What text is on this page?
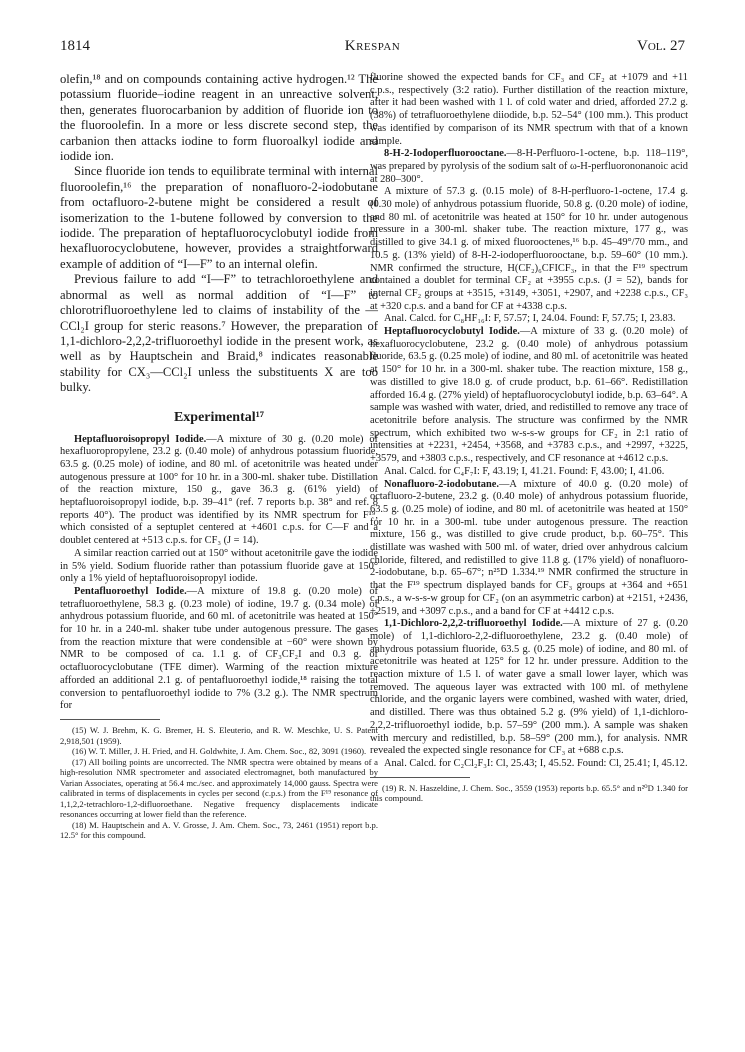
1814	Krespan	Vol. 27

olefin,¹⁸ and on compounds containing active hydrogen.¹² The potassium fluoride–iodine reagent in an unreactive solvent, then, generates fluorocarbanion by addition of fluoride ion to the fluoroolefin. In a more or less discrete second step, the carbanion then attacks iodine to form fluoroalkyl iodide and iodide ion.

Since fluoride ion tends to equilibrate terminal with internal fluoroolefin,¹⁶ the preparation of nonafluoro-2-iodobutane from octafluoro-2-butene might be considered a result of isomerization to the 1-butene followed by conversion to the iodide. The preparation of heptafluorocyclobutyl iodide from hexafluorocyclobutene, however, provides a straightforward example of addition of “I—F” to an internal olefin.

Previous failure to add “I—F” to tetrachloroethylene and abnormal as well as normal addition of “I—F” to chlorotrifluoroethylene led to claims of instability of the —CCl₂I group for steric reasons.⁷ However, the preparation of 1,1-dichloro-2,2,2-trifluoroethyl iodide in the present work, as well as by Hauptschein and Braid,⁸ indicates reasonable stability for CX₃—CCl₂I unless the substituents X are too bulky.

Experimental¹⁷

Heptafluoroisopropyl Iodide.—A mixture of 30 g. (0.20 mole) of hexafluoropropylene, 23.2 g. (0.40 mole) of anhydrous potassium fluoride, 63.5 g. (0.25 mole) of iodine, and 80 ml. of acetonitrile was heated under autogenous pressure at 100° for 10 hr. in a 300-ml. shaker tube. Distillation of the reaction mixture, 150 g., gave 36.3 g. (61% yield) of heptafluoroisopropyl iodide, b.p. 39–41° (ref. 7 reports b.p. 38° and ref. 8 reports 40°). The product was identified by its NMR spectrum for F¹⁹, which consisted of a septuplet centered at +4601 c.p.s. for C—F and a doublet centered at +513 c.p.s. for CF₃ (J = 14).

A similar reaction carried out at 150° without acetonitrile gave the iodide in 5% yield. Sodium fluoride rather than potassium fluoride gave at 150° only a 1% yield of heptafluoroisopropyl iodide.

Pentafluoroethyl Iodide.—A mixture of 19.8 g. (0.20 mole) of tetrafluoroethylene, 58.3 g. (0.23 mole) of iodine, 19.7 g. (0.34 mole) of anhydrous potassium fluoride, and 60 ml. of acetonitrile was heated at 150° for 10 hr. in a 240-ml. shaker tube under autogenous pressure. The gases from the reaction mixture that were condensible at −60° were shown by NMR to be composed of ca. 1.1 g. of CF₃CF₂I and 0.3 g. of octafluorocyclobutane (TFE dimer). Warming of the reaction mixture afforded an additional 2.1 g. of pentafluoroethyl iodide,¹⁸ raising the total conversion to pentafluoroethyl iodide to 7% (3.2 g.). The NMR spectrum for

(15) W. J. Brehm, K. G. Bremer, H. S. Eleuterio, and R. W. Meschke, U. S. Patent 2,918,501 (1959).

(16) W. T. Miller, J. H. Fried, and H. Goldwhite, J. Am. Chem. Soc., 82, 3091 (1960).

(17) All boiling points are uncorrected. The NMR spectra were obtained by means of a high-resolution NMR spectrometer and associated electromagnet, both manufactured by Varian Associates, operating at 56.4 mc./sec. and approximately 14,000 gauss. Spectra were calibrated in terms of displacements in cycles per second (c.p.s.) from the F¹⁹ resonance of 1,1,2,2-tetrachloro-1,2-difluoroethane. Negative frequency displacements indicate resonances occurring at lower field than the reference.

(18) M. Hauptschein and A. V. Grosse, J. Am. Chem. Soc., 73, 2461 (1951) report b.p. 12.5° for this compound.

fluorine showed the expected bands for CF₃ and CF₂ at +1079 and +11 c.p.s., respectively (3:2 ratio). Further distillation of the reaction mixture, after it had been washed with 1 l. of cold water and dried, afforded 27.2 g. (38%) of tetrafluoroethylene diiodide, b.p. 52–54° (100 mm.). This product was identified by comparison of its NMR spectrum with that of a known sample.

8-H-2-Iodoperfluorooctane.—8-H-Perfluoro-1-octene, b.p. 118–119°, was prepared by pyrolysis of the sodium salt of ω-H-perfluorononanoic acid at 280–300°.

A mixture of 57.3 g. (0.15 mole) of 8-H-perfluoro-1-octene, 17.4 g. (0.30 mole) of anhydrous potassium fluoride, 50.8 g. (0.20 mole) of iodine, and 80 ml. of acetonitrile was heated at 150° for 10 hr. under autogenous pressure in a 300-ml. shaker tube. The reaction mixture, 177 g., was distilled to give 34.1 g. of mixed fluorooctenes,¹⁶ b.p. 45–49°/70 mm., and 10.5 g. (13% yield) of 8-H-2-iodoperfluorooctane, b.p. 59–60° (10 mm.). NMR confirmed the structure, H(CF₂)₆CFICF₃, in that the F¹⁹ spectrum contained a doublet for terminal CF₂ at +3955 c.p.s. (J = 52), bands for internal CF₂ groups at +3515, +3149, +3051, +2907, and +2238 c.p.s., CF₃ at +320 c.p.s. and a band for CF at +4338 c.p.s.

Anal. Calcd. for C₈HF₁₆I: F, 57.57; I, 24.04. Found: F, 57.75; I, 23.83.

Heptafluorocyclobutyl Iodide.—A mixture of 33 g. (0.20 mole) of hexafluorocyclobutene, 23.2 g. (0.40 mole) of anhydrous potassium fluoride, 63.5 g. (0.25 mole) of iodine, and 80 ml. of acetonitrile was heated at 150° for 10 hr. in a 300-ml. shaker tube. The reaction mixture, 158 g., was distilled to give 18.0 g. of crude product, b.p. 61–66°. Redistillation afforded 16.4 g. (27% yield) of heptafluorocyclobutyl iodide, b.p. 63–64°. A sample was washed with water, dried, and redistilled to remove any trace of acetonitrile before analysis. The structure was confirmed by the NMR spectrum, which exhibited two w-s-s-w groups for CF₂ in 2:1 ratio of intensities at +2231, +2454, +3568, and +3783 c.p.s., and +2997, +3225, +3579, and +3803 c.p.s., respectively, and CF resonance at +4612 c.p.s.

Anal. Calcd. for C₄F₇I: F, 43.19; I, 41.21. Found: F, 43.00; I, 41.06.

Nonafluoro-2-iodobutane.—A mixture of 40.0 g. (0.20 mole) of octafluoro-2-butene, 23.2 g. (0.40 mole) of anhydrous potassium fluoride, 63.5 g. (0.25 mole) of iodine, and 80 ml. of acetonitrile was heated at 150° for 10 hr. in a 300-ml. tube under autogenous pressure. The reaction mixture, 156 g., was distilled to give crude product, b.p. 60–75°. This distillate was washed with 500 ml. of water, dried over anhydrous calcium chloride, filtered, and redistilled to give 11.8 g. (17% yield) of nonafluoro-2-iodobutane, b.p. 65–67°; n²⁵D 1.334.¹⁹ NMR confirmed the structure in that the F¹⁹ spectrum displayed bands for CF₃ groups at +364 and +651 c.p.s., a w-s-s-w group for CF₂ (on an asymmetric carbon) at +2151, +2436, +2519, and +3097 c.p.s., and a band for CF at +4412 c.p.s.

1,1-Dichloro-2,2,2-trifluoroethyl Iodide.—A mixture of 27 g. (0.20 mole) of 1,1-dichloro-2,2-difluoroethylene, 23.2 g. (0.40 mole) of anhydrous potassium fluoride, 63.5 g. (0.25 mole) of iodine, and 80 ml. of acetonitrile was heated at 125° for 12 hr. under pressure. Addition to the reaction mixture of 1.5 l. of water gave a small lower layer, which was removed. The aqueous layer was extracted with 100 ml. of methylene chloride, and the organic layers were combined, washed with water, dried, and distilled. There was thus obtained 5.2 g. (9% yield) of 1,1-dichloro-2,2,2-trifluoroethyl iodide, b.p. 57–59° (200 mm.). A sample was shaken with mercury and redistilled, b.p. 58–59° (200 mm.), for analysis. NMR revealed the expected single resonance for CF₃ at +688 c.p.s.

Anal. Calcd. for C₂Cl₂F₃I: Cl, 25.43; I, 45.52. Found: Cl, 25.41; I, 45.12.

(19) R. N. Haszeldine, J. Chem. Soc., 3559 (1953) reports b.p. 65.5° and n²⁰D 1.340 for this compound.
